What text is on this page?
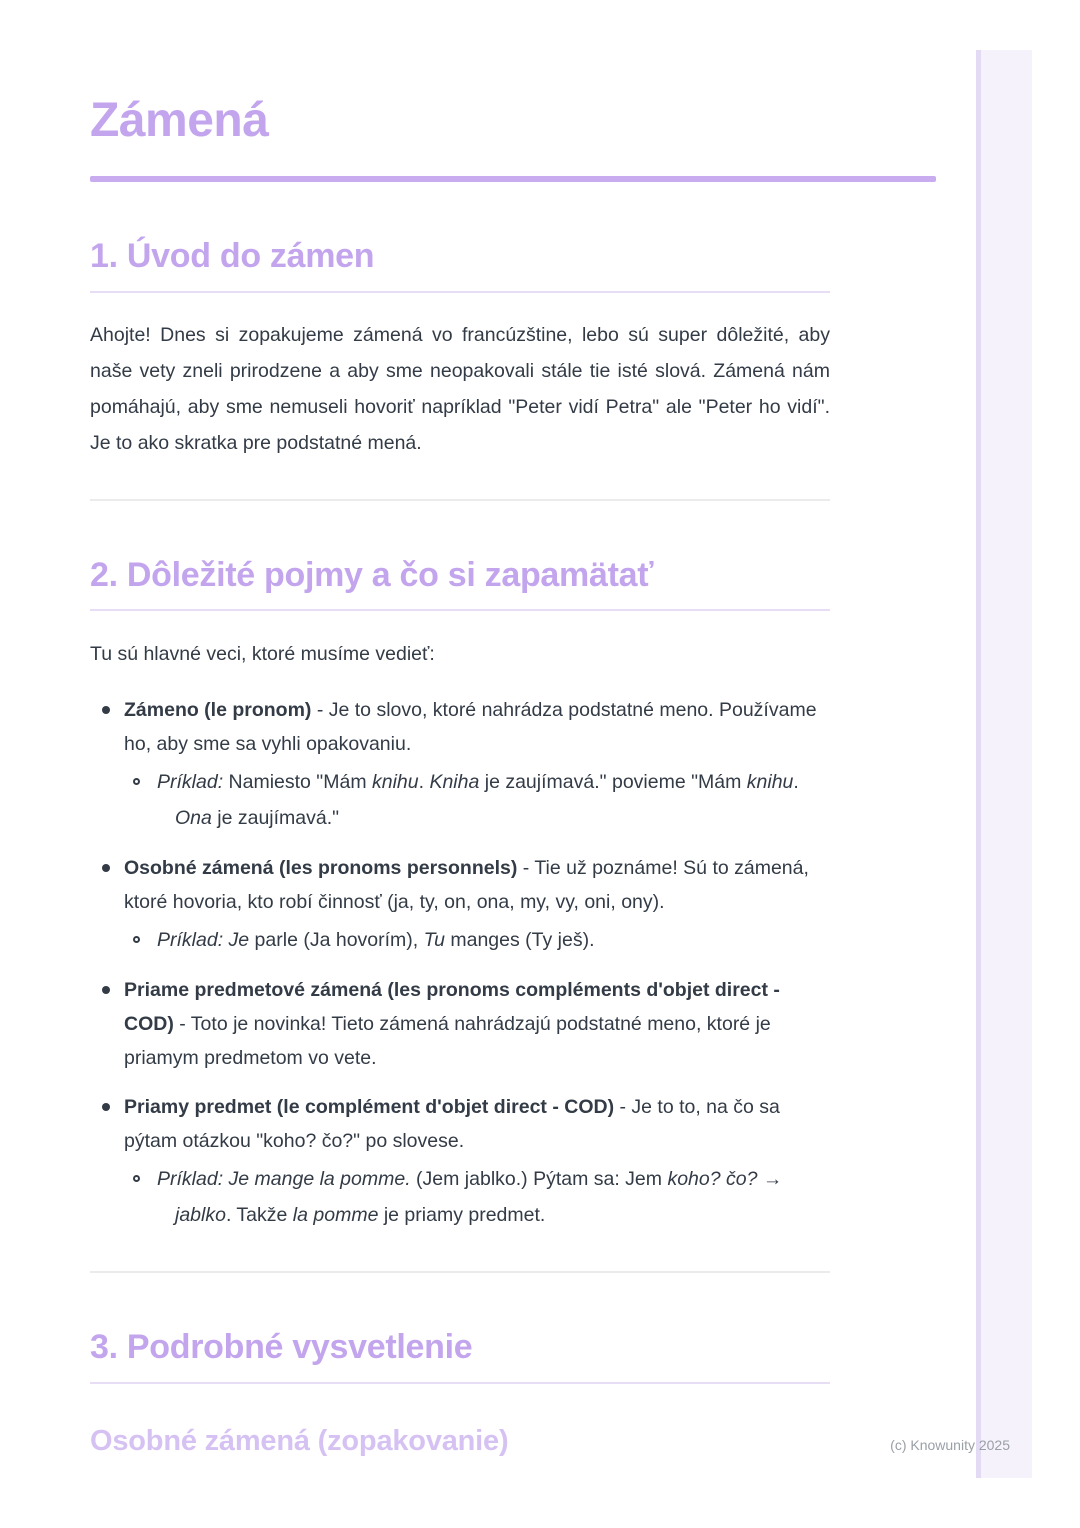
Zámená
1. Úvod do zámen

Ahojte! Dnes si zopakujeme zámená vo francúzštine, lebo sú super dôležité, aby naše vety zneli prirodzene a aby sme neopakovali stále tie isté slová. Zámená nám pomáhajú, aby sme nemuseli hovoriť napríklad "Peter vidí Petra" ale "Peter ho vidí". Je to ako skratka pre podstatné mená.

2. Dôležité pojmy a čo si zapamätať

Tu sú hlavné veci, ktoré musíme vedieť:

Zámeno (le pronom) - Je to slovo, ktoré nahrádza podstatné meno. Používame ho, aby sme sa vyhli opakovaniu.
Príklad: Namiesto "Mám knihu. Kniha je zaujímavá." povieme "Mám knihu. Ona je zaujímavá."
Osobné zámená (les pronoms personnels) - Tie už poznáme! Sú to zámená, ktoré hovoria, kto robí činnosť (ja, ty, on, ona, my, vy, oni, ony).
Príklad: Je parle (Ja hovorím), Tu manges (Ty ješ).
Priame predmetové zámená (les pronoms compléments d'objet direct - COD) - Toto je novinka! Tieto zámená nahrádzajú podstatné meno, ktoré je priamym predmetom vo vete.
Priamy predmet (le complément d'objet direct - COD) - Je to to, na čo sa pýtam otázkou "koho? čo?" po slovese.
Príklad: Je mange la pomme. (Jem jablko.) Pýtam sa: Jem koho? čo? → jablko. Takže la pomme je priamy predmet.
3. Podrobné vysvetlenie
Osobné zámená (zopakovanie)	(c) Knowunity 2025
